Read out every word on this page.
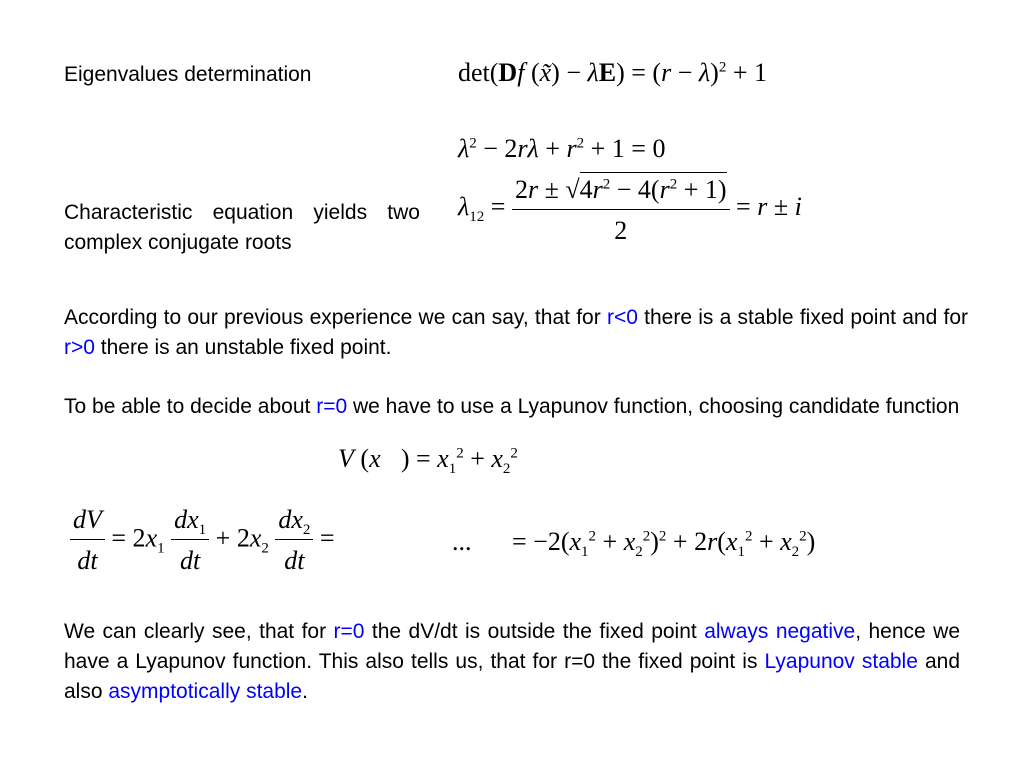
Eigenvalues determination	det(Df (x̃) − $\lambda E) = (r - \lambda)^2 + 1$
$\lambda^2 - 2r\lambda + r^2 + 1 = 0$
Characteristic equation yields two complex conjugate roots
$\lambda_{12} = \frac{2r \pm √4r^2 - 4(r^2 + 1)}{2} = r \pm i$
According to our previous experience we can say, that for r<0 there is a stable fixed point and for r>0 there is an unstable fixed point.
To be able to decide about r=0 we have to use a Lyapunov function, choosing candidate function
V (x⃗) = $x_1^2 + x_2^2$
$\frac{dV}{dt} = 2x_1 \frac{dx_1}{dt} + 2x_2 \frac{dx_2}{dt}$ =	... = $-2(x_1^2 + x_2^2)^2 + 2r(x_1^2 + x_2^2)$
We can clearly see, that for r=0 the dV/dt is outside the fixed point always negative, hence we have a Lyapunov function. This also tells us, that for r=0 the fixed point is Lyapunov stable and also asymptotically stable.
